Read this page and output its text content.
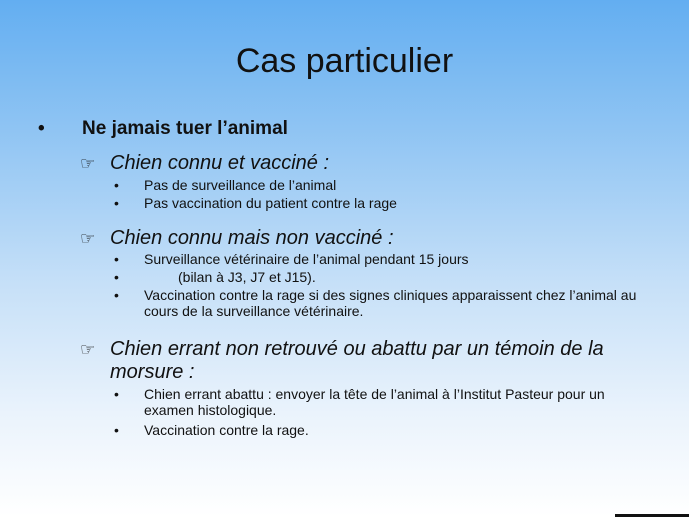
Cas particulier
• Ne jamais tuer l’animal
☞ Chien connu et vacciné :
•	Pas de surveillance de l’animal
•	Pas vaccination du patient contre la rage
☞ Chien connu mais non vacciné :
•	Surveillance vétérinaire de l’animal pendant 15 jours
•	(bilan à J3, J7 et J15).
•	Vaccination contre la rage si des signes cliniques apparaissent chez l’animal au cours de la surveillance vétérinaire.
☞ Chien errant non retrouvé ou abattu par un témoin de la morsure :
•	Chien errant abattu : envoyer la tête de l’animal à l’Institut Pasteur pour un examen histologique.
•	Vaccination contre la rage.
